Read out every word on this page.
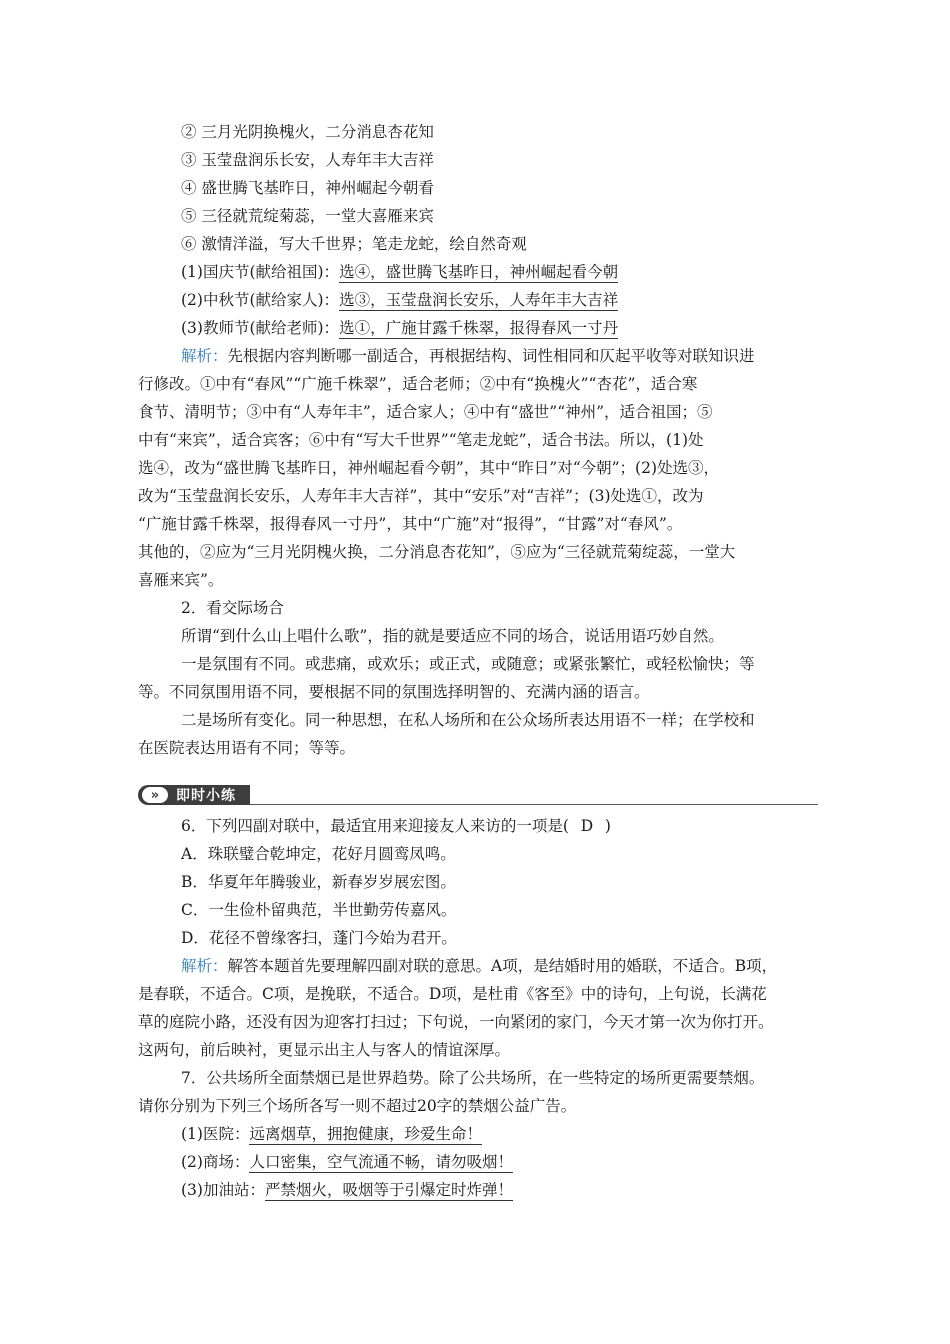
② 三月光阴换槐火，二分消息杏花知
③ 玉莹盘润乐长安，人寿年丰大吉祥
④ 盛世腾飞基昨日，神州崛起今朝看
⑤ 三径就荒绽菊蕊，一堂大喜雁来宾
⑥ 激情洋溢，写大千世界；笔走龙蛇，绘自然奇观
(1)国庆节(献给祖国)：选④，盛世腾飞基昨日，神州崛起看今朝
(2)中秋节(献给家人)：选③，玉莹盘润长安乐，人寿年丰大吉祥
(3)教师节(献给老师)：选①，广施甘露千株翠，报得春风一寸丹
解析：先根据内容判断哪一副适合，再根据结构、词性相同和仄起平收等对联知识进
行修改。①中有“春风”“广施千株翠”，适合老师；②中有“换槐火”“杏花”，适合寒
食节、清明节；③中有“人寿年丰”，适合家人；④中有“盛世”“神州”，适合祖国；⑤
中有“来宾”，适合宾客；⑥中有“写大千世界”“笔走龙蛇”，适合书法。所以，(1)处
选④，改为“盛世腾飞基昨日，神州崛起看今朝”，其中“昨日”对“今朝”；(2)处选③，
改为“玉莹盘润长安乐，人寿年丰大吉祥”，其中“安乐”对“吉祥”；(3)处选①，改为
“广施甘露千株翠，报得春风一寸丹”，其中“广施”对“报得”，“甘露”对“春风”。
其他的，②应为“三月光阴槐火换，二分消息杏花知”，⑤应为“三径就荒菊绽蕊，一堂大
喜雁来宾”。
2．看交际场合
所谓“到什么山上唱什么歌”，指的就是要适应不同的场合，说话用语巧妙自然。
一是氛围有不同。或悲痛，或欢乐；或正式，或随意；或紧张繁忙，或轻松愉快；等
等。不同氛围用语不同，要根据不同的氛围选择明智的、充满内涵的语言。
二是场所有变化。同一种思想，在私人场所和在公众场所表达用语不一样；在学校和
在医院表达用语有不同；等等。
»	即时小练
6．下列四副对联中，最适宜用来迎接友人来访的一项是( D )
A．珠联璧合乾坤定，花好月圆鸾凤鸣。
B．华夏年年腾骏业，新春岁岁展宏图。
C．一生俭朴留典范，半世勤劳传嘉风。
D．花径不曾缘客扫，蓬门今始为君开。
解析：解答本题首先要理解四副对联的意思。A项，是结婚时用的婚联，不适合。B项，
是春联，不适合。C项，是挽联，不适合。D项，是杜甫《客至》中的诗句，上句说，长满花
草的庭院小路，还没有因为迎客打扫过；下句说，一向紧闭的家门，今天才第一次为你打开。
这两句，前后映衬，更显示出主人与客人的情谊深厚。
7．公共场所全面禁烟已是世界趋势。除了公共场所，在一些特定的场所更需要禁烟。
请你分别为下列三个场所各写一则不超过20字的禁烟公益广告。
(1)医院：远离烟草，拥抱健康，珍爱生命！
(2)商场：人口密集，空气流通不畅，请勿吸烟！
(3)加油站：严禁烟火，吸烟等于引爆定时炸弹！
